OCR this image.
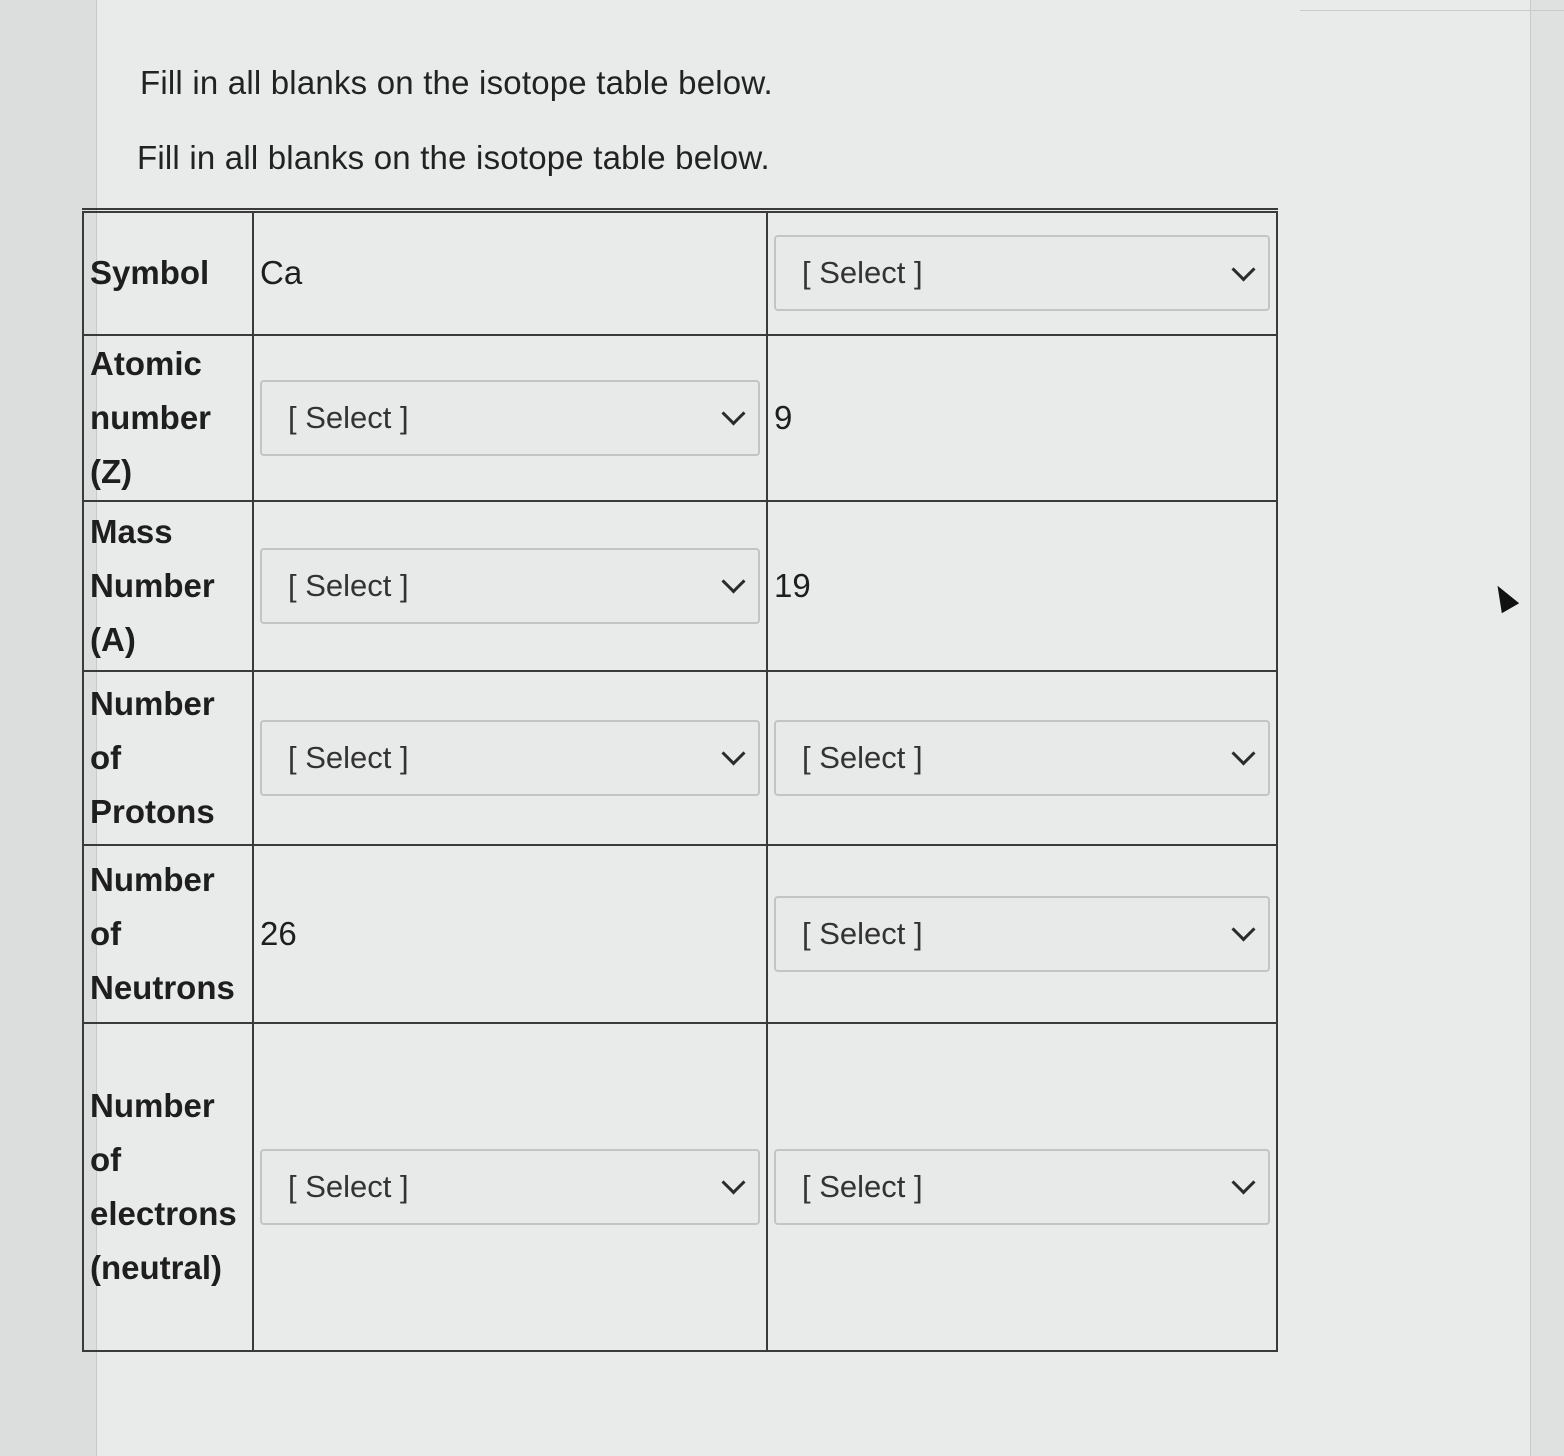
Fill in all blanks on the isotope table below.
Fill in all blanks on the isotope table below.
Symbol	Ca	[ Select ]

Atomic number (Z)	[ Select ]	9
Mass Number (A)	[ Select ]	19
Number of Protons	[ Select ]	[ Select ]

Number of Neutrons	26	[ Select ]

Number of electrons (neutral)	[ Select ]	[ Select ]
